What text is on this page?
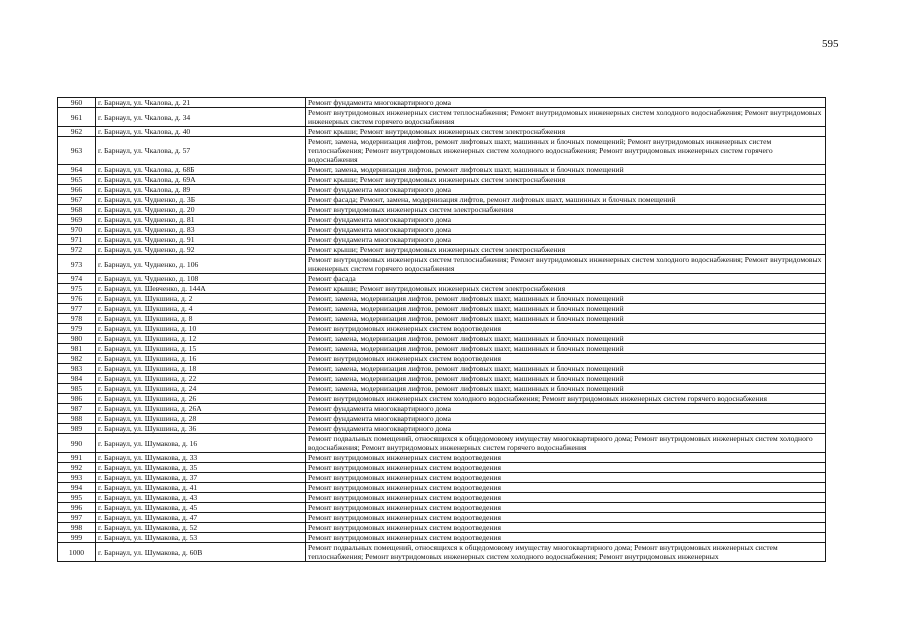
595
960	г. Барнаул, ул. Чкалова, д. 21	Ремонт фундамента многоквартирного дома
961	г. Барнаул, ул. Чкалова, д. 34	Ремонт внутридомовых инженерных систем теплоснабжения; Ремонт внутридомовых инженерных систем холодного водоснабжения; Ремонт внутридомовых инженерных систем горячего водоснабжения
962	г. Барнаул, ул. Чкалова, д. 40	Ремонт крыши; Ремонт внутридомовых инженерных систем электроснабжения
963	г. Барнаул, ул. Чкалова, д. 57	Ремонт, замена, модернизация лифтов, ремонт лифтовых шахт, машинных и блочных помещений; Ремонт внутридомовых инженерных систем теплоснабжения; Ремонт внутридомовых инженерных систем холодного водоснабжения; Ремонт внутридомовых инженерных систем горячего водоснабжения
964	г. Барнаул, ул. Чкалова, д. 68Б	Ремонт, замена, модернизация лифтов, ремонт лифтовых шахт, машинных и блочных помещений
965	г. Барнаул, ул. Чкалова, д. 69А	Ремонт крыши; Ремонт внутридомовых инженерных систем электроснабжения
966	г. Барнаул, ул. Чкалова, д. 89	Ремонт фундамента многоквартирного дома
967	г. Барнаул, ул. Чудненко, д. 3Б	Ремонт фасада; Ремонт, замена, модернизация лифтов, ремонт лифтовых шахт, машинных и блочных помещений
968	г. Барнаул, ул. Чудненко, д. 20	Ремонт внутридомовых инженерных систем электроснабжения
969	г. Барнаул, ул. Чудненко, д. 81	Ремонт фундамента многоквартирного дома
970	г. Барнаул, ул. Чудненко, д. 83	Ремонт фундамента многоквартирного дома
971	г. Барнаул, ул. Чудненко, д. 91	Ремонт фундамента многоквартирного дома
972	г. Барнаул, ул. Чудненко, д. 92	Ремонт крыши; Ремонт внутридомовых инженерных систем электроснабжения
973	г. Барнаул, ул. Чудненко, д. 106	Ремонт внутридомовых инженерных систем теплоснабжения; Ремонт внутридомовых инженерных систем холодного водоснабжения; Ремонт внутридомовых инженерных систем горячего водоснабжения
974	г. Барнаул, ул. Чудненко, д. 108	Ремонт фасада
975	г. Барнаул, ул. Шевченко, д. 144А	Ремонт крыши; Ремонт внутридомовых инженерных систем электроснабжения
976	г. Барнаул, ул. Шукшина, д. 2	Ремонт, замена, модернизация лифтов, ремонт лифтовых шахт, машинных и блочных помещений
977	г. Барнаул, ул. Шукшина, д. 4	Ремонт, замена, модернизация лифтов, ремонт лифтовых шахт, машинных и блочных помещений
978	г. Барнаул, ул. Шукшина, д. 8	Ремонт, замена, модернизация лифтов, ремонт лифтовых шахт, машинных и блочных помещений
979	г. Барнаул, ул. Шукшина, д. 10	Ремонт внутридомовых инженерных систем водоотведения
980	г. Барнаул, ул. Шукшина, д. 12	Ремонт, замена, модернизация лифтов, ремонт лифтовых шахт, машинных и блочных помещений
981	г. Барнаул, ул. Шукшина, д. 15	Ремонт, замена, модернизация лифтов, ремонт лифтовых шахт, машинных и блочных помещений
982	г. Барнаул, ул. Шукшина, д. 16	Ремонт внутридомовых инженерных систем водоотведения
983	г. Барнаул, ул. Шукшина, д. 18	Ремонт, замена, модернизация лифтов, ремонт лифтовых шахт, машинных и блочных помещений
984	г. Барнаул, ул. Шукшина, д. 22	Ремонт, замена, модернизация лифтов, ремонт лифтовых шахт, машинных и блочных помещений
985	г. Барнаул, ул. Шукшина, д. 24	Ремонт, замена, модернизация лифтов, ремонт лифтовых шахт, машинных и блочных помещений
986	г. Барнаул, ул. Шукшина, д. 26	Ремонт внутридомовых инженерных систем холодного водоснабжения; Ремонт внутридомовых инженерных систем горячего водоснабжения
987	г. Барнаул, ул. Шукшина, д. 26А	Ремонт фундамента многоквартирного дома
988	г. Барнаул, ул. Шукшина, д. 28	Ремонт фундамента многоквартирного дома
989	г. Барнаул, ул. Шукшина, д. 36	Ремонт фундамента многоквартирного дома
990	г. Барнаул, ул. Шумакова, д. 16	Ремонт подвальных помещений, относящихся к общедомовому имуществу многоквартирного дома; Ремонт внутридомовых инженерных систем холодного водоснабжения; Ремонт внутридомовых инженерных систем горячего водоснабжения
991	г. Барнаул, ул. Шумакова, д. 33	Ремонт внутридомовых инженерных систем водоотведения
992	г. Барнаул, ул. Шумакова, д. 35	Ремонт внутридомовых инженерных систем водоотведения
993	г. Барнаул, ул. Шумакова, д. 37	Ремонт внутридомовых инженерных систем водоотведения
994	г. Барнаул, ул. Шумакова, д. 41	Ремонт внутридомовых инженерных систем водоотведения
995	г. Барнаул, ул. Шумакова, д. 43	Ремонт внутридомовых инженерных систем водоотведения
996	г. Барнаул, ул. Шумакова, д. 45	Ремонт внутридомовых инженерных систем водоотведения
997	г. Барнаул, ул. Шумакова, д. 47	Ремонт внутридомовых инженерных систем водоотведения
998	г. Барнаул, ул. Шумакова, д. 52	Ремонт внутридомовых инженерных систем водоотведения
999	г. Барнаул, ул. Шумакова, д. 53	Ремонт внутридомовых инженерных систем водоотведения
1000	г. Барнаул, ул. Шумакова, д. 60В	Ремонт подвальных помещений, относящихся к общедомовому имуществу многоквартирного дома; Ремонт внутридомовых инженерных систем теплоснабжения; Ремонт внутридомовых инженерных систем холодного водоснабжения; Ремонт внутридомовых инженерных
